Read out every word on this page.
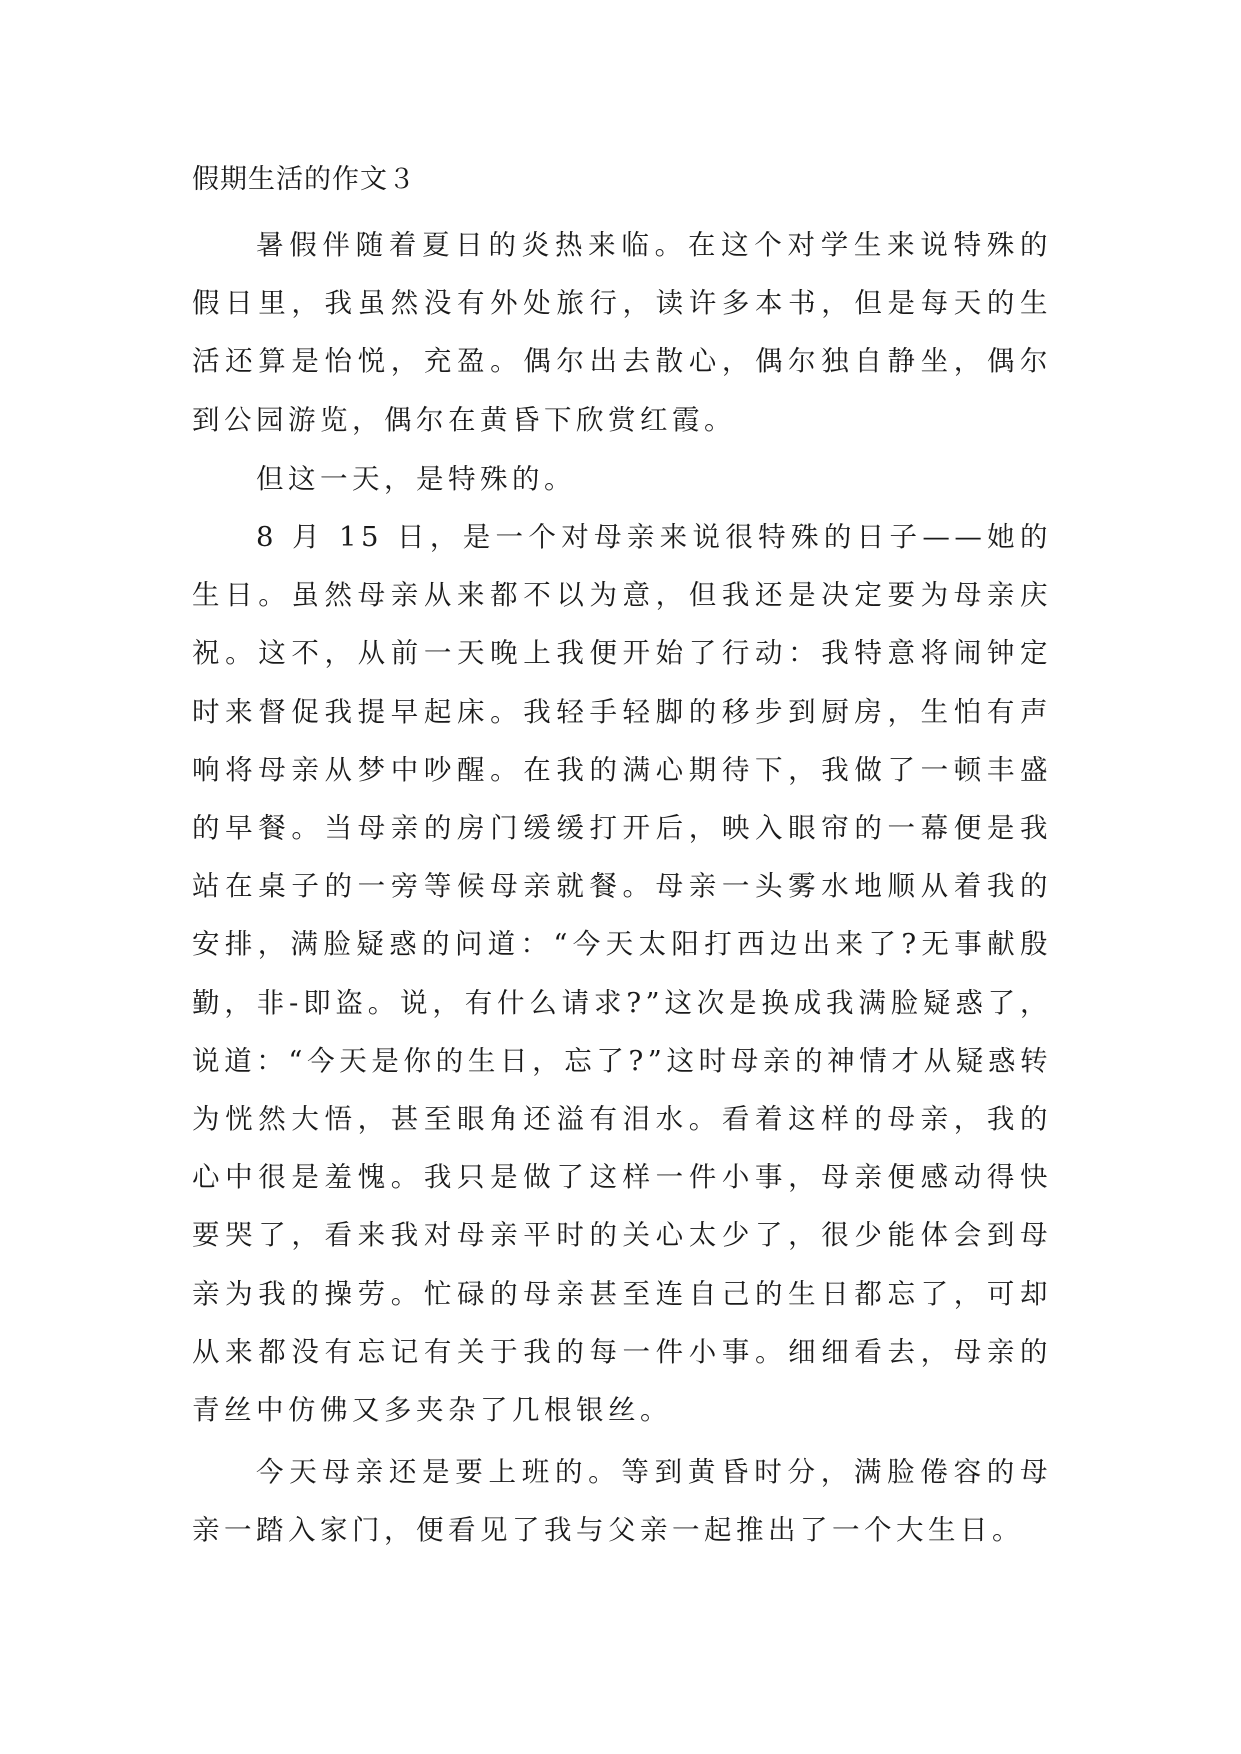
假期生活的作文３

暑假伴随着夏日的炎热来临。在这个对学生来说特殊的假日里，我虽然没有外处旅行，读许多本书，但是每天的生活还算是怡悦，充盈。偶尔出去散心，偶尔独自静坐，偶尔到公园游览，偶尔在黄昏下欣赏红霞。

但这一天，是特殊的。

8 月 15 日，是一个对母亲来说很特殊的日子——她的生日。虽然母亲从来都不以为意，但我还是决定要为母亲庆祝。这不，从前一天晚上我便开始了行动：我特意将闹钟定时来督促我提早起床。我轻手轻脚的移步到厨房，生怕有声响将母亲从梦中吵醒。在我的满心期待下，我做了一顿丰盛的早餐。当母亲的房门缓缓打开后，映入眼帘的一幕便是我站在桌子的一旁等候母亲就餐。母亲一头雾水地顺从着我的安排，满脸疑惑的问道：“今天太阳打西边出来了?无事献殷勤，非-即盗。说，有什么请求?”这次是换成我满脸疑惑了，说道：“今天是你的生日，忘了?”这时母亲的神情才从疑惑转为恍然大悟，甚至眼角还溢有泪水。看着这样的母亲，我的心中很是羞愧。我只是做了这样一件小事，母亲便感动得快要哭了，看来我对母亲平时的关心太少了，很少能体会到母亲为我的操劳。忙碌的母亲甚至连自己的生日都忘了，可却从来都没有忘记有关于我的每一件小事。细细看去，母亲的青丝中仿佛又多夹杂了几根银丝。

今天母亲还是要上班的。等到黄昏时分，满脸倦容的母亲一踏入家门，便看见了我与父亲一起推出了一个大生日。
